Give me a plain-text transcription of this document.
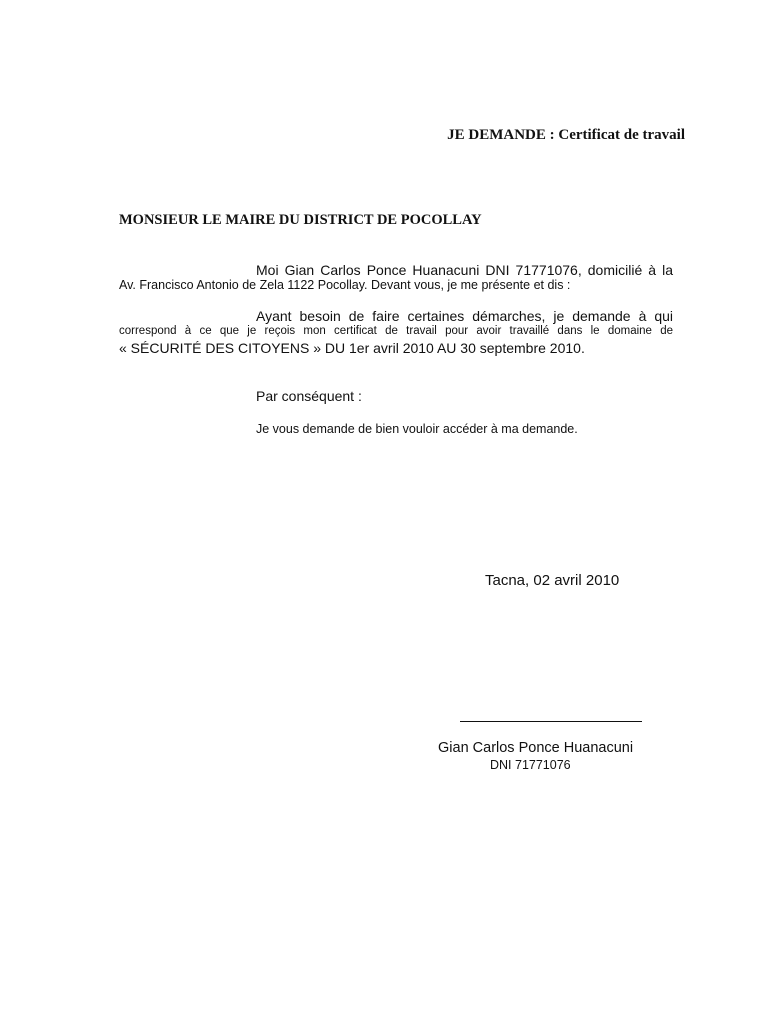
JE DEMANDE : Certificat de travail
MONSIEUR LE MAIRE DU DISTRICT DE POCOLLAY
Moi Gian Carlos Ponce Huanacuni DNI 71771076, domicilié à la
Av. Francisco Antonio de Zela 1122 Pocollay. Devant vous, je me présente et dis :
Ayant besoin de faire certaines démarches, je demande à qui
correspond à ce que je reçois mon certificat de travail pour avoir travaillé dans le domaine de
« SÉCURITÉ DES CITOYENS » DU 1er avril 2010 AU 30 septembre 2010.
Par conséquent :
Je vous demande de bien vouloir accéder à ma demande.
Tacna, 02 avril 2010
Gian Carlos Ponce Huanacuni
DNI 71771076
